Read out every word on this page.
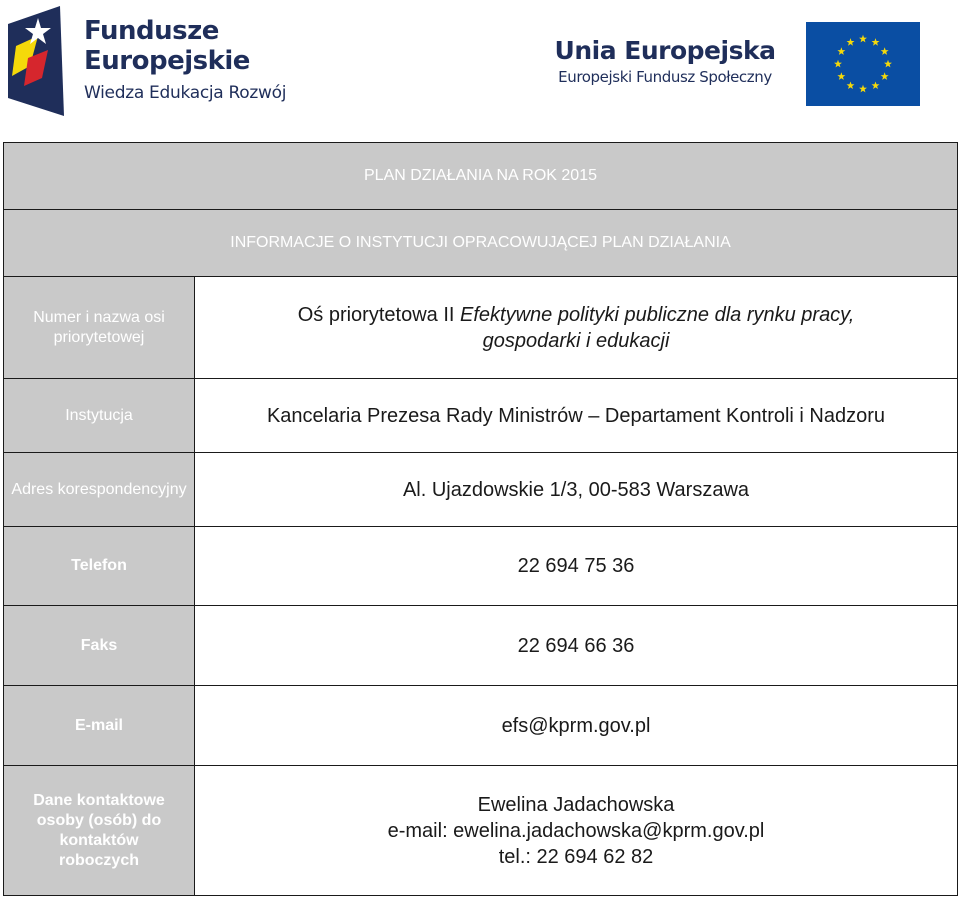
Fundusze
Europejskie
Wiedza Edukacja Rozwój
Unia Europejska
Europejski Fundusz Społeczny
PLAN DZIAŁANIA NA ROK 2015	
INFORMACJE O INSTYTUCJI OPRACOWUJĄCEJ PLAN DZIAŁANIA	
Numer i nazwa osi priorytetowej	Oś priorytetowa II Efektywne polityki publiczne dla rynku pracy, gospodarki i edukacji
Instytucja	Kancelaria Prezesa Rady Ministrów – Departament Kontroli i Nadzoru
Adres korespondencyjny	Al. Ujazdowskie 1/3, 00-583 Warszawa
Telefon	22 694 75 36
Faks	22 694 66 36
E-mail	efs@kprm.gov.pl
Dane kontaktowe osoby (osób) do kontaktów roboczych	Ewelina Jadachowska
e-mail: ewelina.jadachowska@kprm.gov.pl
tel.: 22 694 62 82
